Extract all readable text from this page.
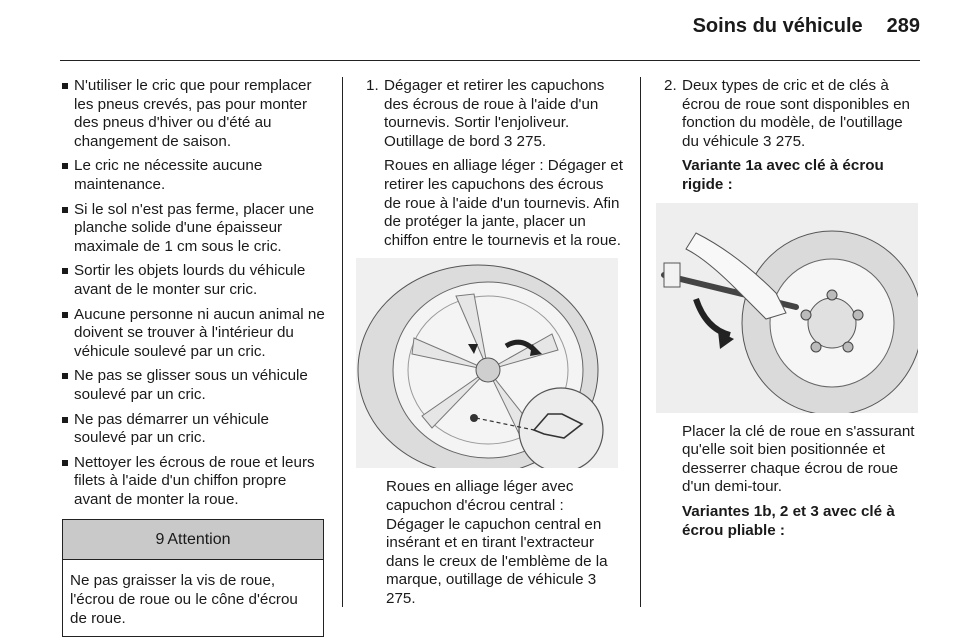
Soins du véhicule 289
N'utiliser le cric que pour remplacer les pneus crevés, pas pour monter des pneus d'hiver ou d'été au changement de saison.
Le cric ne nécessite aucune maintenance.
Si le sol n'est pas ferme, placer une planche solide d'une épaisseur maximale de 1 cm sous le cric.
Sortir les objets lourds du véhicule avant de le monter sur cric.
Aucune personne ni aucun animal ne doivent se trouver à l'intérieur du véhicule soulevé par un cric.
Ne pas se glisser sous un véhicule soulevé par un cric.
Ne pas démarrer un véhicule soulevé par un cric.
Nettoyer les écrous de roue et leurs filets à l'aide d'un chiffon propre avant de monter la roue.
9 Attention
Ne pas graisser la vis de roue, l'écrou de roue ou le cône d'écrou de roue.
1. Dégager et retirer les capuchons des écrous de roue à l'aide d'un tournevis. Sortir l'enjoliveur. Outillage de bord 3 275.

Roues en alliage léger : Dégager et retirer les capuchons des écrous de roue à l'aide d'un tournevis. Afin de protéger la jante, placer un chiffon entre le tournevis et la roue.

Roues en alliage léger avec capuchon d'écrou central : Dégager le capuchon central en insérant et en tirant l'extracteur dans le creux de l'emblème de la marque, outillage de véhicule 3 275.

2. Deux types de cric et de clés à écrou de roue sont disponibles en fonction du modèle, de l'outillage du véhicule 3 275.

Variante 1a avec clé à écrou rigide :

Placer la clé de roue en s'assurant qu'elle soit bien positionnée et desserrer chaque écrou de roue d'un demi-tour.

Variantes 1b, 2 et 3 avec clé à écrou pliable :
